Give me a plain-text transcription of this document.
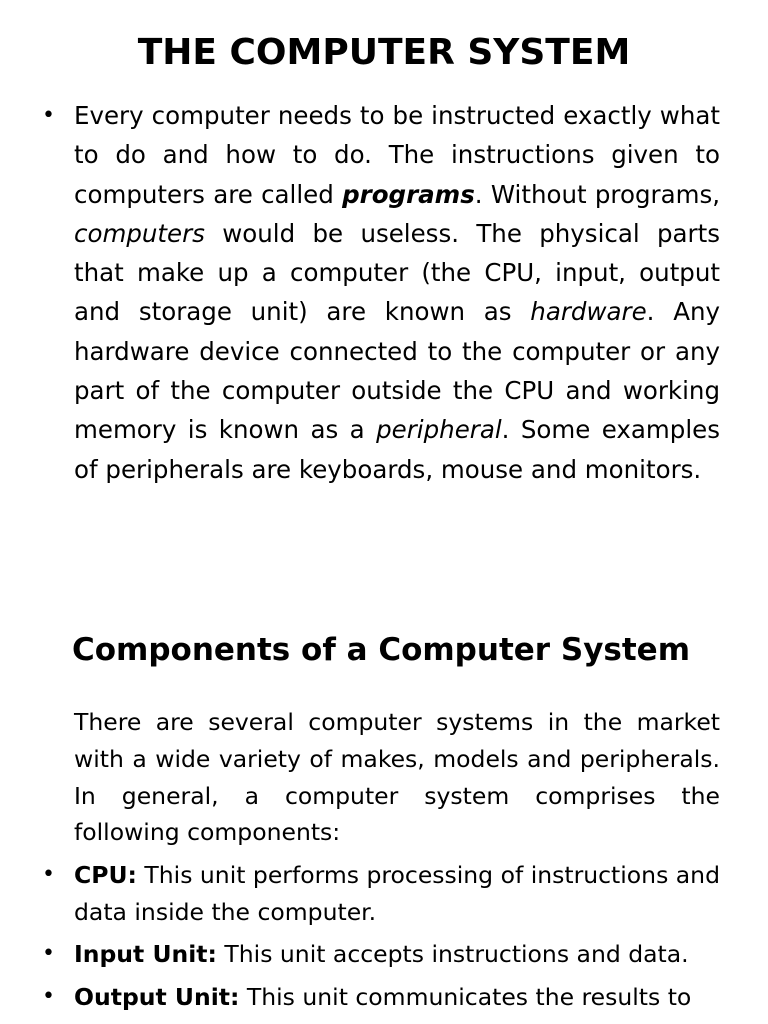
THE COMPUTER SYSTEM
• Every computer needs to be instructed exactly what to do and how to do. The instructions given to computers are called programs. Without programs, computers would be useless. The physical parts that make up a computer (the CPU, input, output and storage unit) are known as hardware. Any hardware device connected to the computer or any part of the computer outside the CPU and working memory is known as a peripheral. Some examples of peripherals are keyboards, mouse and monitors.

Components of a Computer System

There are several computer systems in the market with a wide variety of makes, models and peripherals. In general, a computer system comprises the following components:

• CPU: This unit performs processing of instructions and data inside the computer.

• Input Unit: This unit accepts instructions and data.

• Output Unit: This unit communicates the results to
